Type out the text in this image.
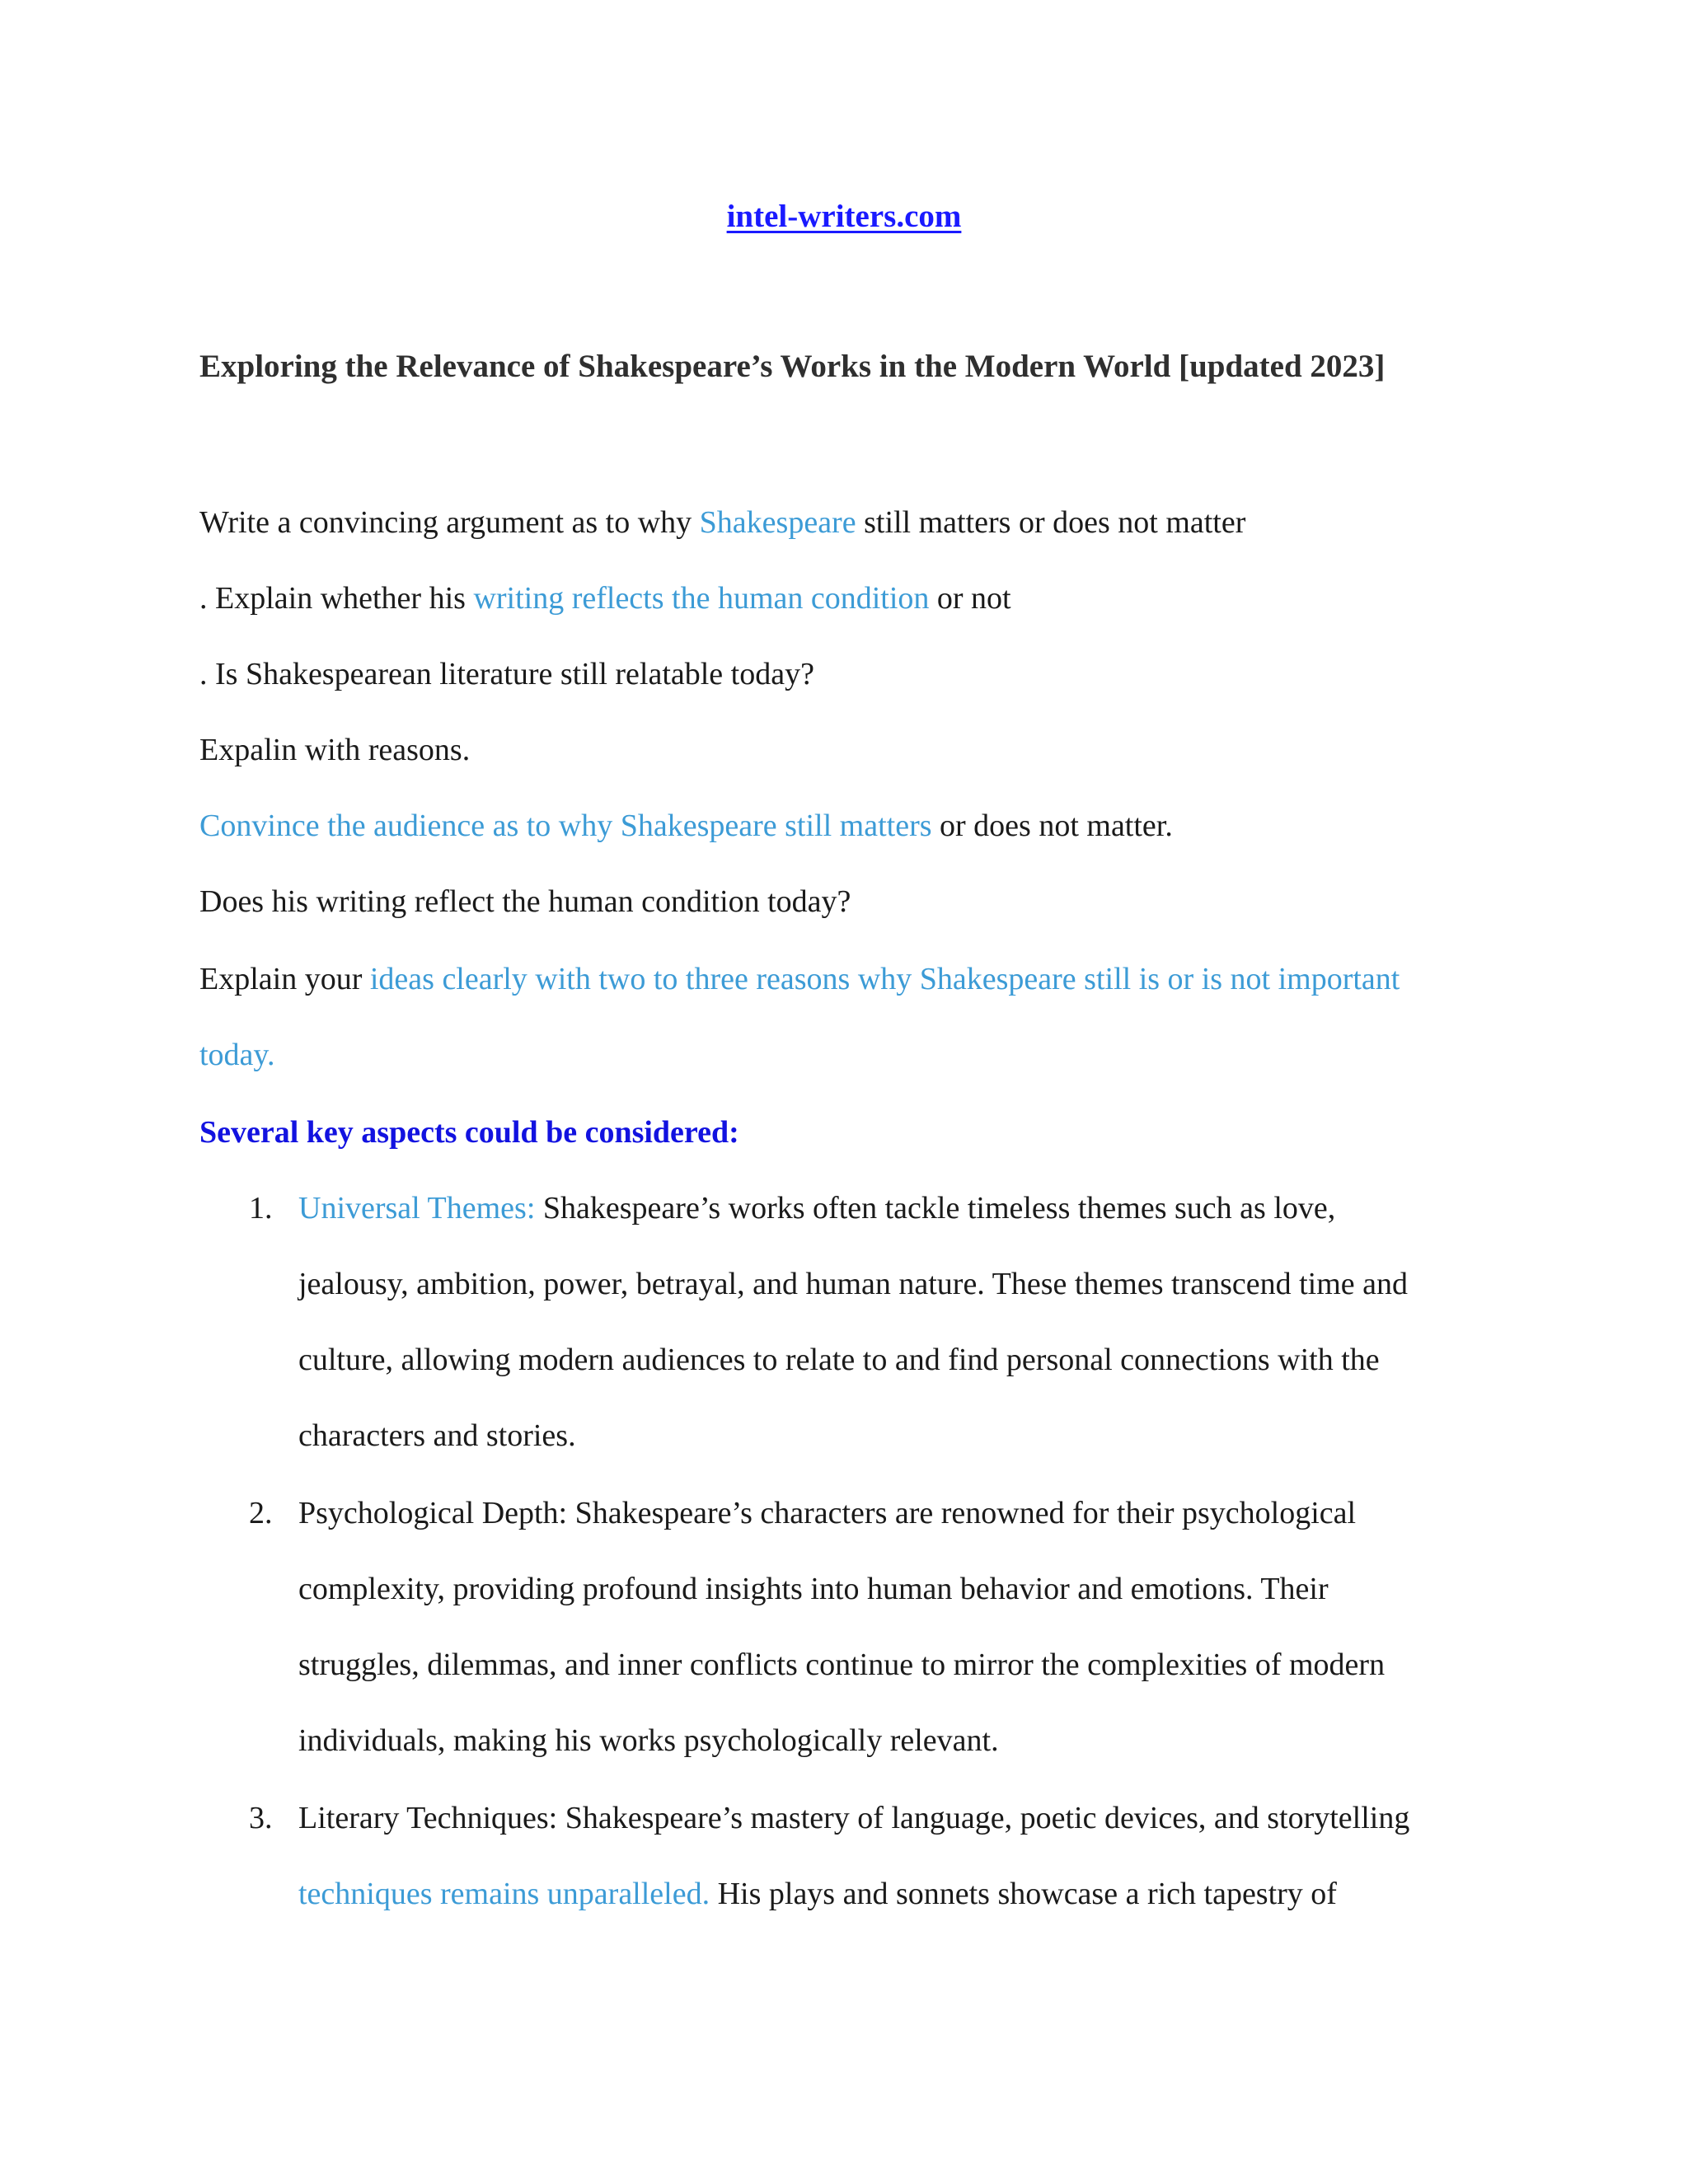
intel-writers.com
Exploring the Relevance of Shakespeare’s Works in the Modern World [updated 2023]
Write a convincing argument as to why Shakespeare still matters or does not matter
. Explain whether his writing reflects the human condition or not
. Is Shakespearean literature still relatable today?
Expalin with reasons.
Convince the audience as to why Shakespeare still matters or does not matter.
Does his writing reflect the human condition today?
Explain your ideas clearly with two to three reasons why Shakespeare still is or is not important
today.
Several key aspects could be considered:
1. Universal Themes: Shakespeare’s works often tackle timeless themes such as love,
jealousy, ambition, power, betrayal, and human nature. These themes transcend time and
culture, allowing modern audiences to relate to and find personal connections with the
characters and stories.
2. Psychological Depth: Shakespeare’s characters are renowned for their psychological
complexity, providing profound insights into human behavior and emotions. Their
struggles, dilemmas, and inner conflicts continue to mirror the complexities of modern
individuals, making his works psychologically relevant.
3. Literary Techniques: Shakespeare’s mastery of language, poetic devices, and storytelling
techniques remains unparalleled. His plays and sonnets showcase a rich tapestry of
